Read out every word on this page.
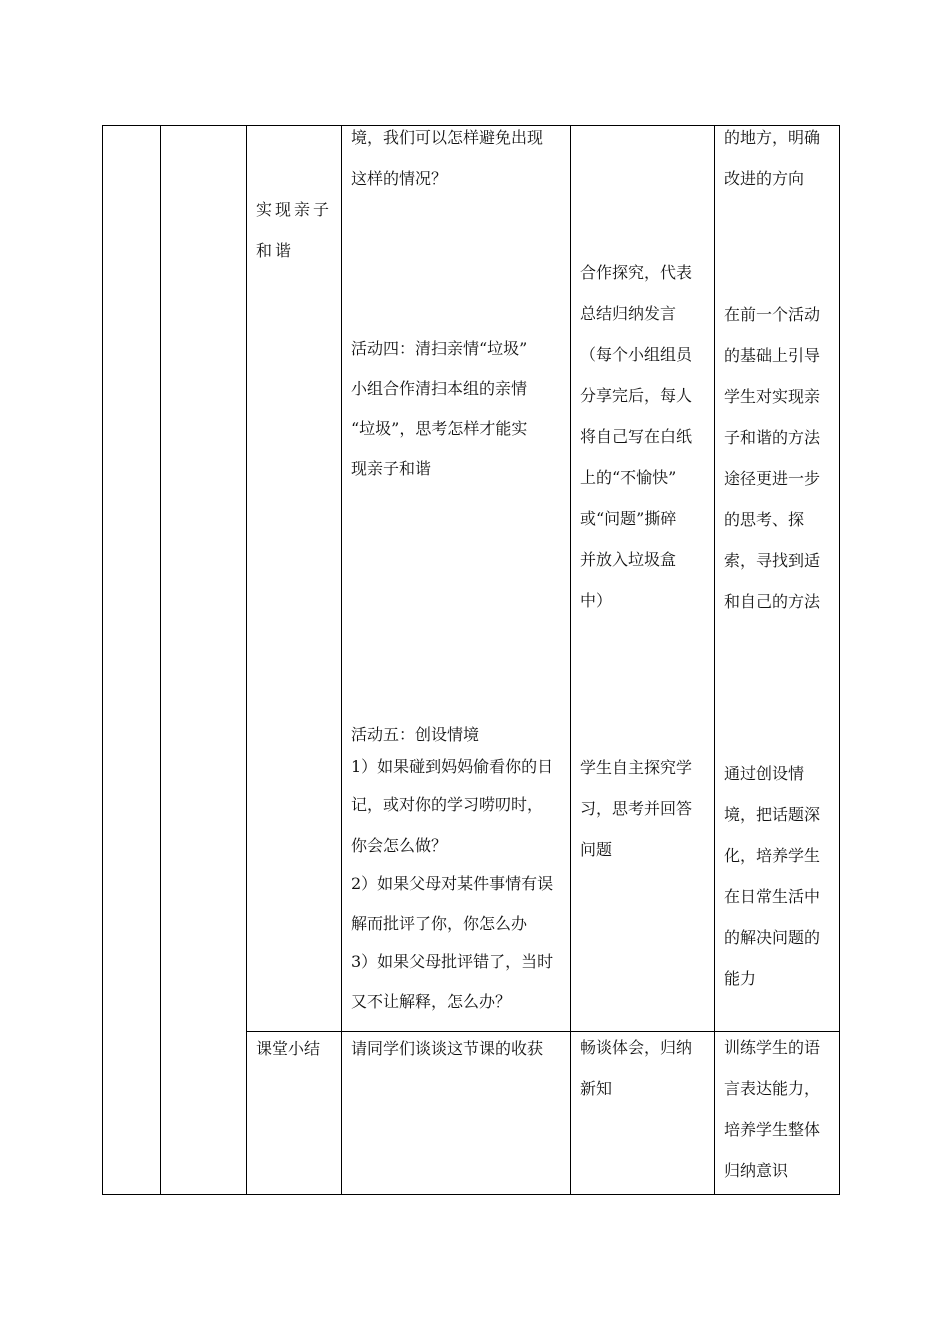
实现亲子
和谐
课堂小结
境，我们可以怎样避免出现
这样的情况？
活动四：清扫亲情“垃圾”
小组合作清扫本组的亲情
“垃圾”，思考怎样才能实
现亲子和谐
活动五：创设情境
1）如果碰到妈妈偷看你的日
记，或对你的学习唠叨时，
你会怎么做？
2）如果父母对某件事情有误
解而批评了你，你怎么办
3）如果父母批评错了，当时
又不让解释，怎么办？
请同学们谈谈这节课的收获
合作探究，代表
总结归纳发言
（每个小组组员
分享完后，每人
将自己写在白纸
上的“不愉快”
或“问题”撕碎
并放入垃圾盒
中）
学生自主探究学
习，思考并回答
问题
畅谈体会，归纳
新知
的地方，明确
改进的方向
在前一个活动
的基础上引导
学生对实现亲
子和谐的方法
途径更进一步
的思考、探
索，寻找到适
和自己的方法
通过创设情
境，把话题深
化，培养学生
在日常生活中
的解决问题的
能力
训练学生的语
言表达能力，
培养学生整体
归纳意识
